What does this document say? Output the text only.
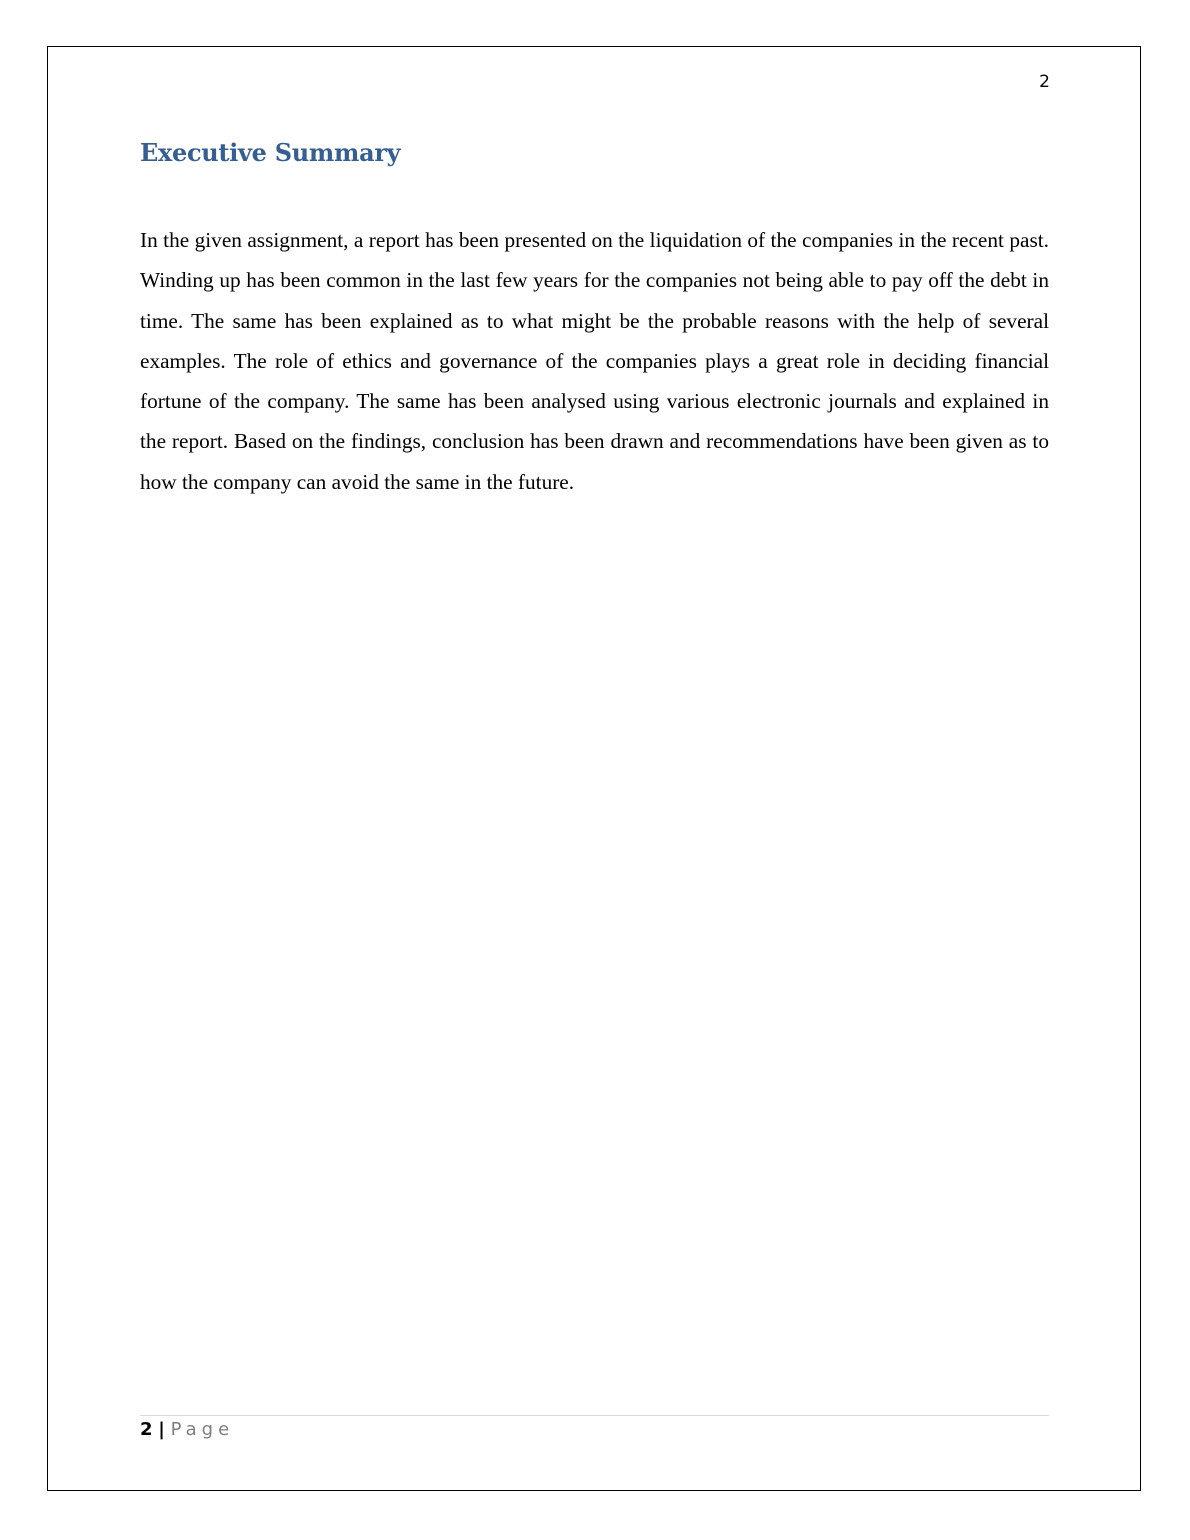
2
Executive Summary

In the given assignment, a report has been presented on the liquidation of the companies in the recent past. Winding up has been common in the last few years for the companies not being able to pay off the debt in time. The same has been explained as to what might be the probable reasons with the help of several examples. The role of ethics and governance of the companies plays a great role in deciding financial fortune of the company. The same has been analysed using various electronic journals and explained in the report. Based on the findings, conclusion has been drawn and recommendations have been given as to how the company can avoid the same in the future.

2 | Page
